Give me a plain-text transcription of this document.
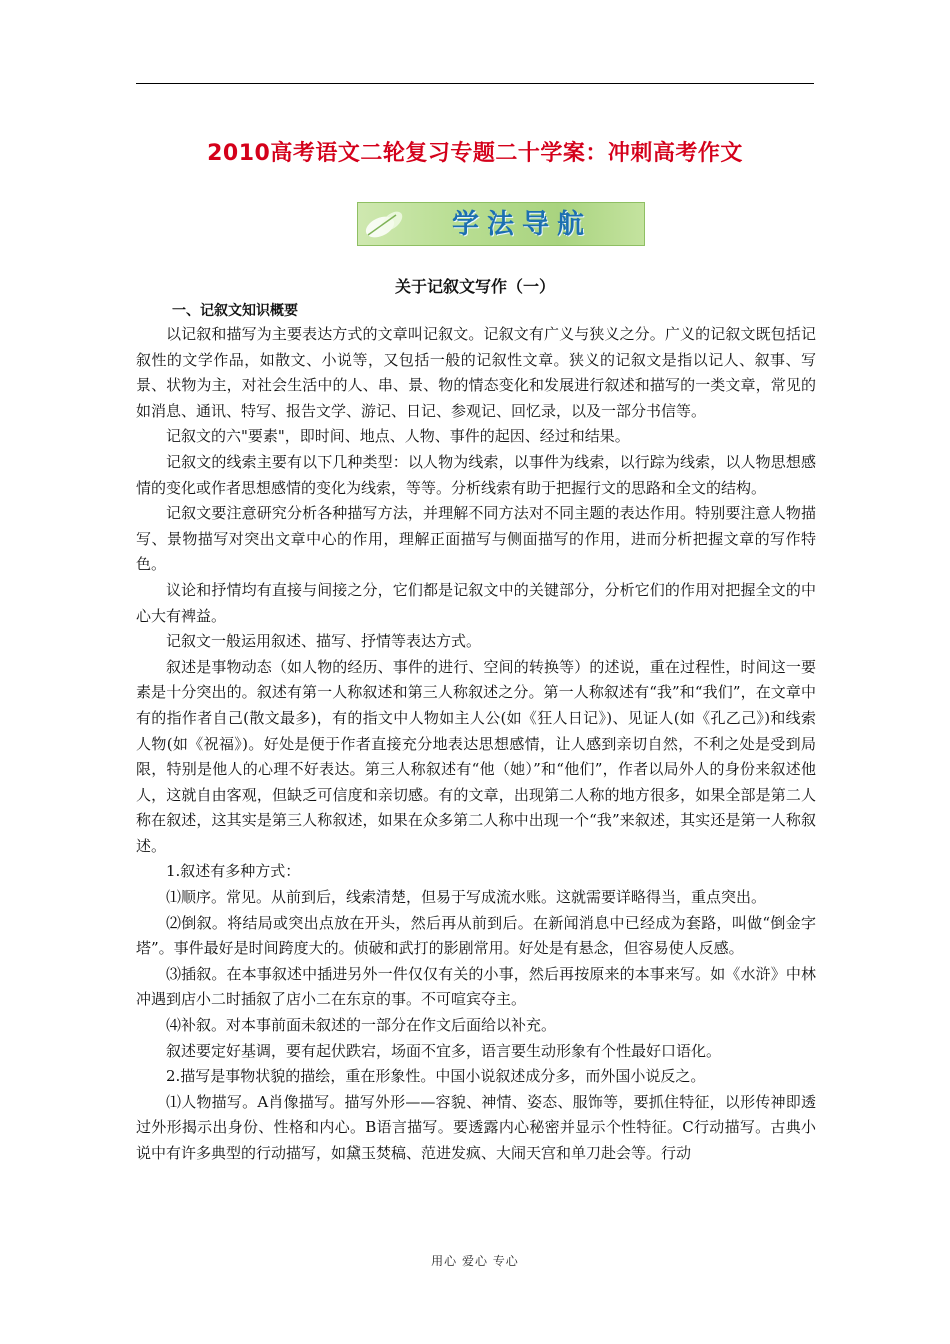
2010高考语文二轮复习专题二十学案：冲刺高考作文
学法导航
关于记叙文写作（一）
一、记叙文知识概要

以记叙和描写为主要表达方式的文章叫记叙文。记叙文有广义与狭义之分。广义的记叙文既包括记叙性的文学作品，如散文、小说等，又包括一般的记叙性文章。狭义的记叙文是指以记人、叙事、写景、状物为主，对社会生活中的人、串、景、物的情态变化和发展进行叙述和描写的一类文章，常见的如消息、通讯、特写、报告文学、游记、日记、参观记、回忆录，以及一部分书信等。

记叙文的六"要素"，即时间、地点、人物、事件的起因、经过和结果。

记叙文的线索主要有以下几种类型：以人物为线索，以事件为线索，以行踪为线索，以人物思想感情的变化或作者思想感情的变化为线索，等等。分析线索有助于把握行文的思路和全文的结构。

记叙文要注意研究分析各种描写方法，并理解不同方法对不同主题的表达作用。特别要注意人物描写、景物描写对突出文章中心的作用，理解正面描写与侧面描写的作用，进而分析把握文章的写作特色。

议论和抒情均有直接与间接之分，它们都是记叙文中的关键部分，分析它们的作用对把握全文的中心大有裨益。

记叙文一般运用叙述、描写、抒情等表达方式。

叙述是事物动态（如人物的经历、事件的进行、空间的转换等）的述说，重在过程性，时间这一要素是十分突出的。叙述有第一人称叙述和第三人称叙述之分。第一人称叙述有“我”和“我们”，在文章中有的指作者自己(散文最多)，有的指文中人物如主人公(如《狂人日记》)、见证人(如《孔乙己》)和线索人物(如《祝福》)。好处是便于作者直接充分地表达思想感情，让人感到亲切自然，不利之处是受到局限，特别是他人的心理不好表达。第三人称叙述有“他（她）”和“他们”，作者以局外人的身份来叙述他人，这就自由客观，但缺乏可信度和亲切感。有的文章，出现第二人称的地方很多，如果全部是第二人称在叙述，这其实是第三人称叙述，如果在众多第二人称中出现一个“我”来叙述，其实还是第一人称叙述。

1.叙述有多种方式：

⑴顺序。常见。从前到后，线索清楚，但易于写成流水账。这就需要详略得当，重点突出。

⑵倒叙。将结局或突出点放在开头，然后再从前到后。在新闻消息中已经成为套路，叫做“倒金字塔”。事件最好是时间跨度大的。侦破和武打的影剧常用。好处是有悬念，但容易使人反感。

⑶插叙。在本事叙述中插进另外一件仅仅有关的小事，然后再按原来的本事来写。如《水浒》中林冲遇到店小二时插叙了店小二在东京的事。不可喧宾夺主。

⑷补叙。对本事前面未叙述的一部分在作文后面给以补充。

叙述要定好基调，要有起伏跌宕，场面不宜多，语言要生动形象有个性最好口语化。

2.描写是事物状貌的描绘，重在形象性。中国小说叙述成分多，而外国小说反之。

⑴人物描写。A肖像描写。描写外形——容貌、神情、姿态、服饰等，要抓住特征，以形传神即透过外形揭示出身份、性格和内心。B语言描写。要透露内心秘密并显示个性特征。C行动描写。古典小说中有许多典型的行动描写，如黛玉焚稿、范进发疯、大闹天宫和单刀赴会等。行动

用心 爱心 专心
